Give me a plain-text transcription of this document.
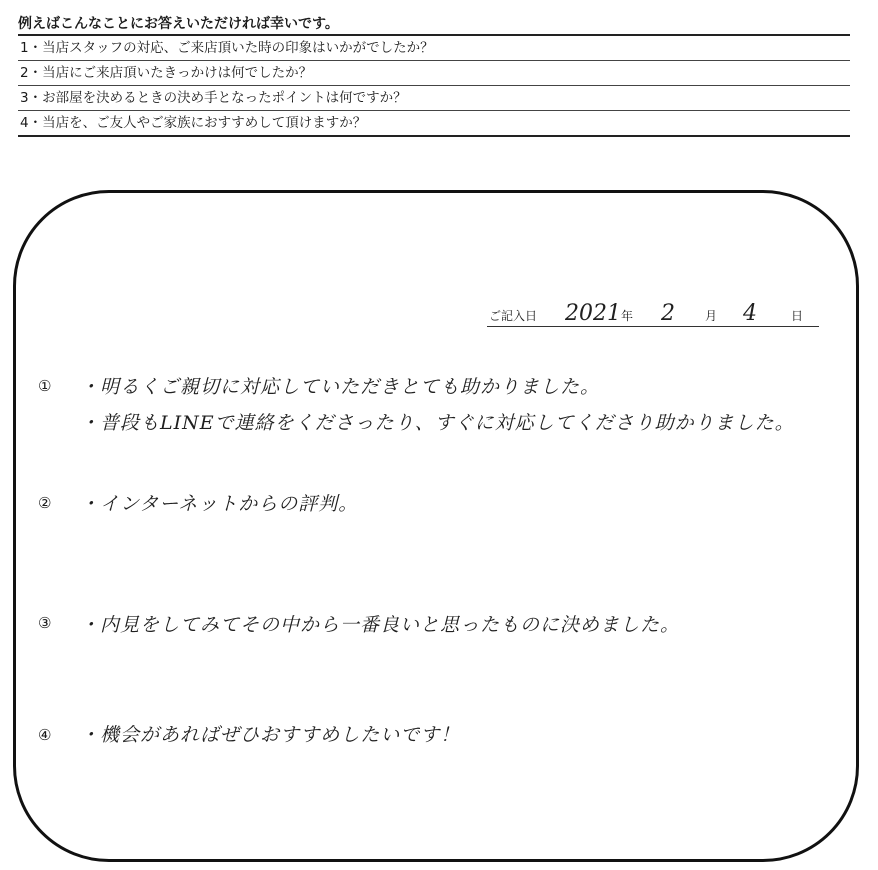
例えばこんなことにお答えいただければ幸いです。
1・当店スタッフの対応、ご来店頂いた時の印象はいかがでしたか？
2・当店にご来店頂いたきっかけは何でしたか？
3・お部屋を決めるときの決め手となったポイントは何ですか？
4・当店を、ご友人やご家族におすすめして頂けますか？
ご記入日 2021 年 2	月 4	日
① ・明るくご親切に対応していただきとても助かりました。
・普段もLINEで連絡をくださったり、すぐに対応してくださり助かりました。
② ・インターネットからの評判。
③ ・内見をしてみてその中から一番良いと思ったものに決めました。
④ ・機会があればぜひおすすめしたいです！
